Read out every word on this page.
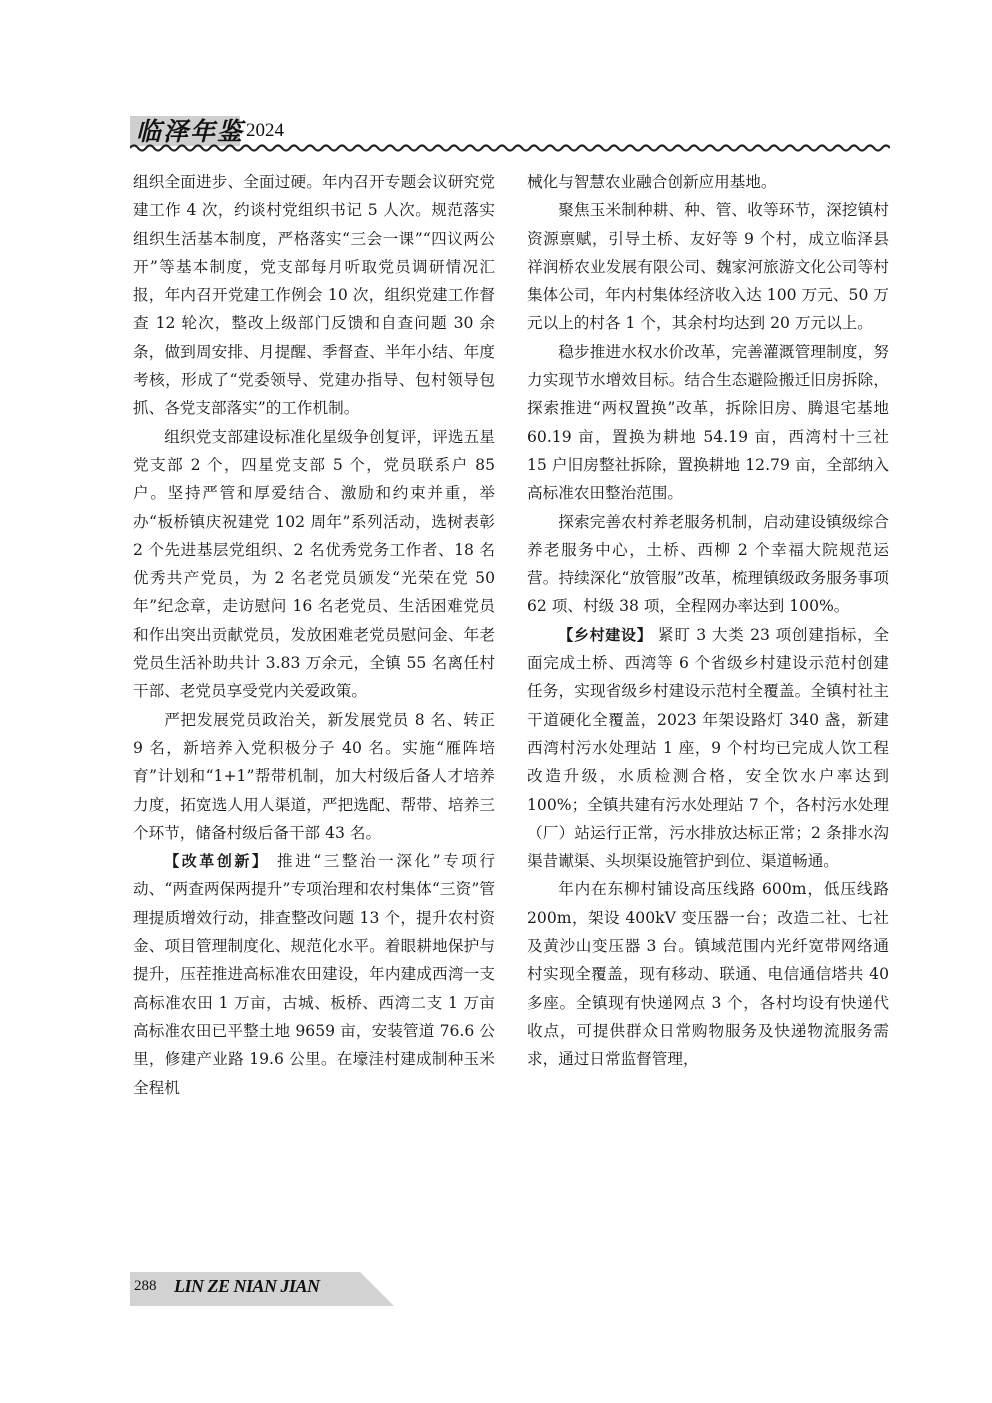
临泽年鉴 2024

组织全面进步、全面过硬。年内召开专题会议研究党建工作 4 次，约谈村党组织书记 5 人次。规范落实组织生活基本制度，严格落实“三会一课”“四议两公开”等基本制度，党支部每月听取党员调研情况汇报，年内召开党建工作例会 10 次，组织党建工作督查 12 轮次，整改上级部门反馈和自查问题 30 余条，做到周安排、月提醒、季督查、半年小结、年度考核，形成了“党委领导、党建办指导、包村领导包抓、各党支部落实”的工作机制。

组织党支部建设标准化星级争创复评，评选五星党支部 2 个，四星党支部 5 个，党员联系户 85 户。坚持严管和厚爱结合、激励和约束并重，举办“板桥镇庆祝建党 102 周年”系列活动，选树表彰 2 个先进基层党组织、2 名优秀党务工作者、18 名优秀共产党员，为 2 名老党员颁发“光荣在党 50 年”纪念章，走访慰问 16 名老党员、生活困难党员和作出突出贡献党员，发放困难老党员慰问金、年老党员生活补助共计 3.83 万余元，全镇 55 名离任村干部、老党员享受党内关爱政策。

严把发展党员政治关，新发展党员 8 名、转正 9 名，新培养入党积极分子 40 名。实施“雁阵培育”计划和“1+1”帮带机制，加大村级后备人才培养力度，拓宽选人用人渠道，严把选配、帮带、培养三个环节，储备村级后备干部 43 名。

【改革创新】 推进“三整治一深化”专项行动、“两查两保两提升”专项治理和农村集体“三资”管理提质增效行动，排查整改问题 13 个，提升农村资金、项目管理制度化、规范化水平。着眼耕地保护与提升，压茬推进高标准农田建设，年内建成西湾一支高标准农田 1 万亩，古城、板桥、西湾二支 1 万亩高标准农田已平整土地 9659 亩，安装管道 76.6 公里，修建产业路 19.6 公里。在壕洼村建成制种玉米全程机

械化与智慧农业融合创新应用基地。

聚焦玉米制种耕、种、管、收等环节，深挖镇村资源禀赋，引导土桥、友好等 9 个村，成立临泽县祥润桥农业发展有限公司、魏家河旅游文化公司等村集体公司，年内村集体经济收入达 100 万元、50 万元以上的村各 1 个，其余村均达到 20 万元以上。

稳步推进水权水价改革，完善灌溉管理制度，努力实现节水增效目标。结合生态避险搬迁旧房拆除，探索推进“两权置换”改革，拆除旧房、腾退宅基地 60.19 亩，置换为耕地 54.19 亩，西湾村十三社 15 户旧房整社拆除，置换耕地 12.79 亩，全部纳入高标准农田整治范围。

探索完善农村养老服务机制，启动建设镇级综合养老服务中心，土桥、西柳 2 个幸福大院规范运营。持续深化“放管服”改革，梳理镇级政务服务事项 62 项、村级 38 项，全程网办率达到 100%。

【乡村建设】 紧盯 3 大类 23 项创建指标，全面完成土桥、西湾等 6 个省级乡村建设示范村创建任务，实现省级乡村建设示范村全覆盖。全镇村社主干道硬化全覆盖，2023 年架设路灯 340 盏，新建西湾村污水处理站 1 座，9 个村均已完成人饮工程改造升级，水质检测合格，安全饮水户率达到 100%；全镇共建有污水处理站 7 个，各村污水处理（厂）站运行正常，污水排放达标正常；2 条排水沟渠昔谳渠、头坝渠设施管护到位、渠道畅通。

年内在东柳村铺设高压线路 600m，低压线路 200m，架设 400kV 变压器一台；改造二社、七社及黄沙山变压器 3 台。镇域范围内光纤宽带网络通村实现全覆盖，现有移动、联通、电信通信塔共 40 多座。全镇现有快递网点 3 个，各村均设有快递代收点，可提供群众日常购物服务及快递物流服务需求，通过日常监督管理，

288 LIN ZE NIAN JIAN
